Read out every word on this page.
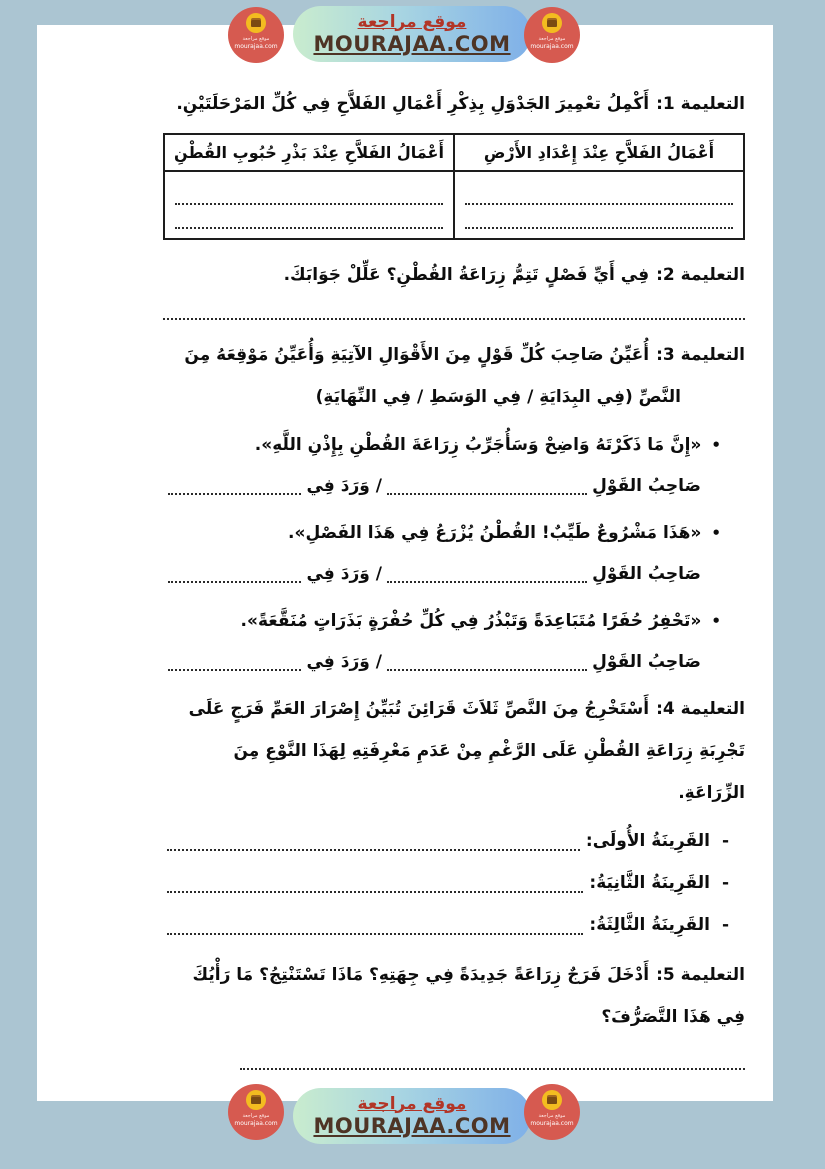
موقع مراجعة
mourajaa.com
موقع مراجعة
mourajaa.com
موقع مراجعة
MOURAJAA.COM
التعليمة 1:أَكْمِلُ تعْمِيرَ الجَدْوَلِ بِذِكْرِ أَعْمَالِ الفَلاَّحِ فِي كُلِّ المَرْحَلَتَيْنِ.
أَعْمَالُ الفَلاَّحِ عِنْدَ إِعْدَادِ الأَرْضِ	أَعْمَالُ الفَلاَّحِ عِنْدَ بَذْرِ حُبُوبِ القُطْنِ

التعليمة 2:فِي أَيِّ فَصْلٍ تَتِمُّ زِرَاعَةُ القُطْنِ؟ عَلِّلْ جَوَابَكَ.
التعليمة 3:أُعَيِّنُ صَاحِبَ كُلِّ قَوْلٍ مِنَ الأَقْوَالِ الآتِيَةِ وَأُعَيِّنُ مَوْقِعَهُ مِنَ
النَّصِّ (فِي البِدَايَةِ / فِي الوَسَطِ / فِي النِّهَايَةِ)
•«إِنَّ مَا ذَكَرْتَهُ وَاضِحْ وَسَأُجَرِّبُ زِرَاعَةَ القُطْنِ بِإِذْنِ اللَّهِ».
صَاحِبُ القَوْلِ
/ وَرَدَ فِي
•«هَذَا مَشْرُوعٌ طَيِّبٌ! القُطْنُ يُزْرَعُ فِي هَذَا الفَصْلِ».
صَاحِبُ القَوْلِ
/ وَرَدَ فِي
•«تَحْفِرُ حُفَرًا مُتَبَاعِدَةً وَتَبْذُرُ فِي كُلِّ حُفْرَةٍ بَذَرَاتٍ مُنَقَّعَةً».
صَاحِبُ القَوْلِ
/ وَرَدَ فِي
التعليمة 4:أَسْتَخْرِجُ مِنَ النَّصِّ ثَلاَثَ قَرَائِنَ تُبَيِّنُ إِصْرَارَ العَمِّ فَرَجٍ عَلَى
تَجْرِبَةِ زِرَاعَةِ القُطْنِ عَلَى الرَّغْمِ مِنْ عَدَمِ مَعْرِفَتِهِ لِهَذَا النَّوْعِ مِنَ
الزِّرَاعَةِ.
-
القَرِينَةُ الأُولَى:
-
القَرِينَةُ الثَّانِيَةُ:
-
القَرِينَةُ الثَّالِثَةُ:
التعليمة 5:أَدْخَلَ فَرَجٌ زِرَاعَةً جَدِيدَةً فِي جِهَتِهِ؟ مَاذَا تَسْتَنْتِجُ؟ مَا رَأْيُكَ
فِي هَذَا التَّصَرُّفَ؟
موقع مراجعة
mourajaa.com
موقع مراجعة
mourajaa.com
موقع مراجعة
MOURAJAA.COM
